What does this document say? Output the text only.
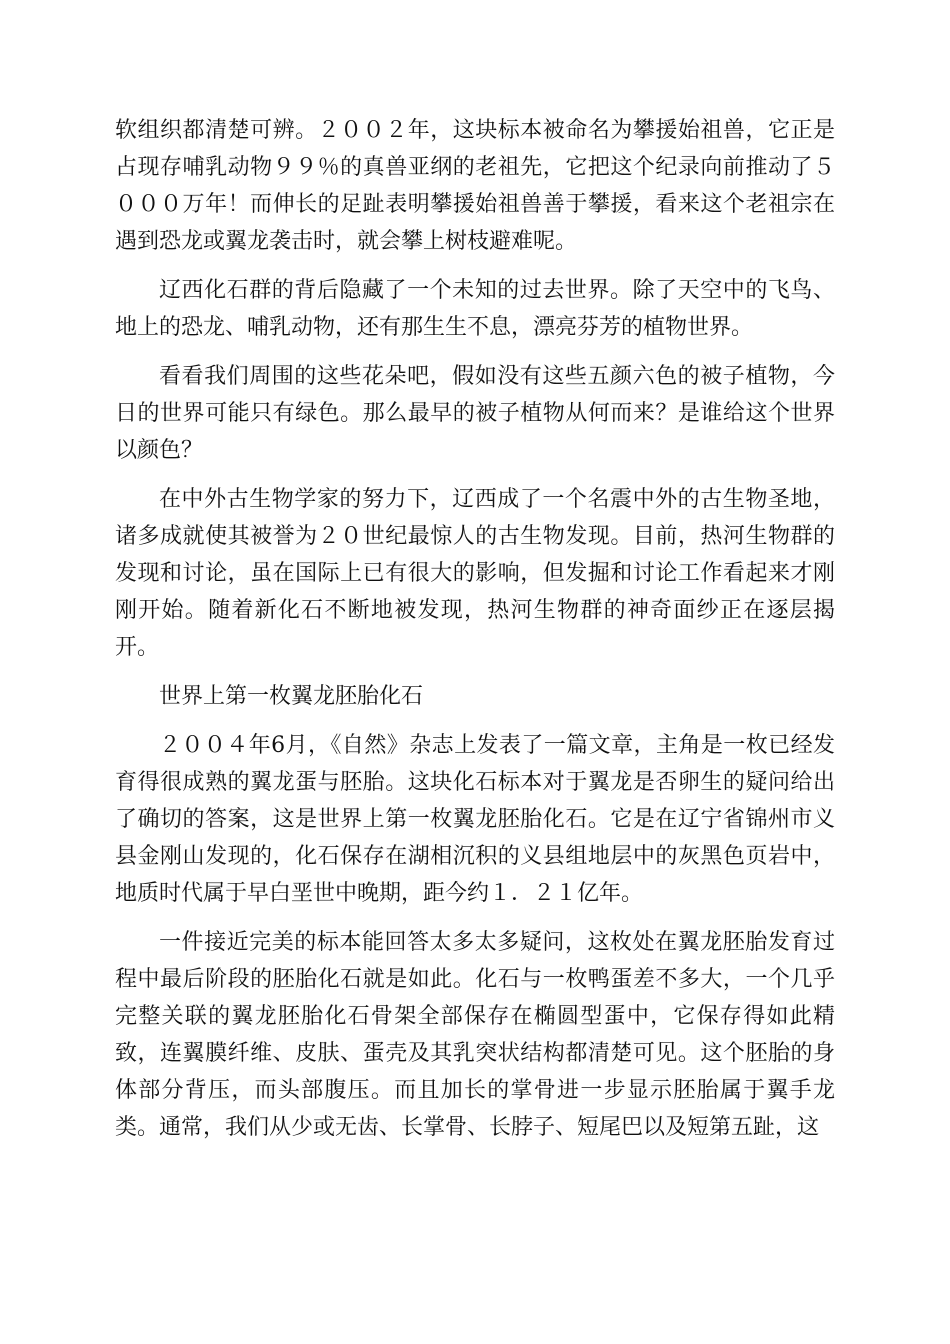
软组织都清楚可辨。２００２年，这块标本被命名为攀援始祖兽，它正是占现存哺乳动物９９％的真兽亚纲的老祖先，它把这个纪录向前推动了５０００万年！而伸长的足趾表明攀援始祖兽善于攀援，看来这个老祖宗在遇到恐龙或翼龙袭击时，就会攀上树枝避难呢。

辽西化石群的背后隐藏了一个未知的过去世界。除了天空中的飞鸟、地上的恐龙、哺乳动物，还有那生生不息，漂亮芬芳的植物世界。

看看我们周围的这些花朵吧，假如没有这些五颜六色的被子植物，今日的世界可能只有绿色。那么最早的被子植物从何而来？是谁给这个世界以颜色？

在中外古生物学家的努力下，辽西成了一个名震中外的古生物圣地，诸多成就使其被誉为２０世纪最惊人的古生物发现。目前，热河生物群的发现和讨论，虽在国际上已有很大的影响，但发掘和讨论工作看起来才刚刚开始。随着新化石不断地被发现，热河生物群的神奇面纱正在逐层揭开。

世界上第一枚翼龙胚胎化石

２００４年6月，《自然》杂志上发表了一篇文章，主角是一枚已经发育得很成熟的翼龙蛋与胚胎。这块化石标本对于翼龙是否卵生的疑问给出了确切的答案，这是世界上第一枚翼龙胚胎化石。它是在辽宁省锦州市义县金刚山发现的，化石保存在湖相沉积的义县组地层中的灰黑色页岩中，地质时代属于早白垩世中晚期，距今约１．２１亿年。

一件接近完美的标本能回答太多太多疑问，这枚处在翼龙胚胎发育过程中最后阶段的胚胎化石就是如此。化石与一枚鸭蛋差不多大，一个几乎完整关联的翼龙胚胎化石骨架全部保存在椭圆型蛋中，它保存得如此精致，连翼膜纤维、皮肤、蛋壳及其乳突状结构都清楚可见。这个胚胎的身体部分背压，而头部腹压。而且加长的掌骨进一步显示胚胎属于翼手龙类。通常，我们从少或无齿、长掌骨、长脖子、短尾巴以及短第五趾，这
